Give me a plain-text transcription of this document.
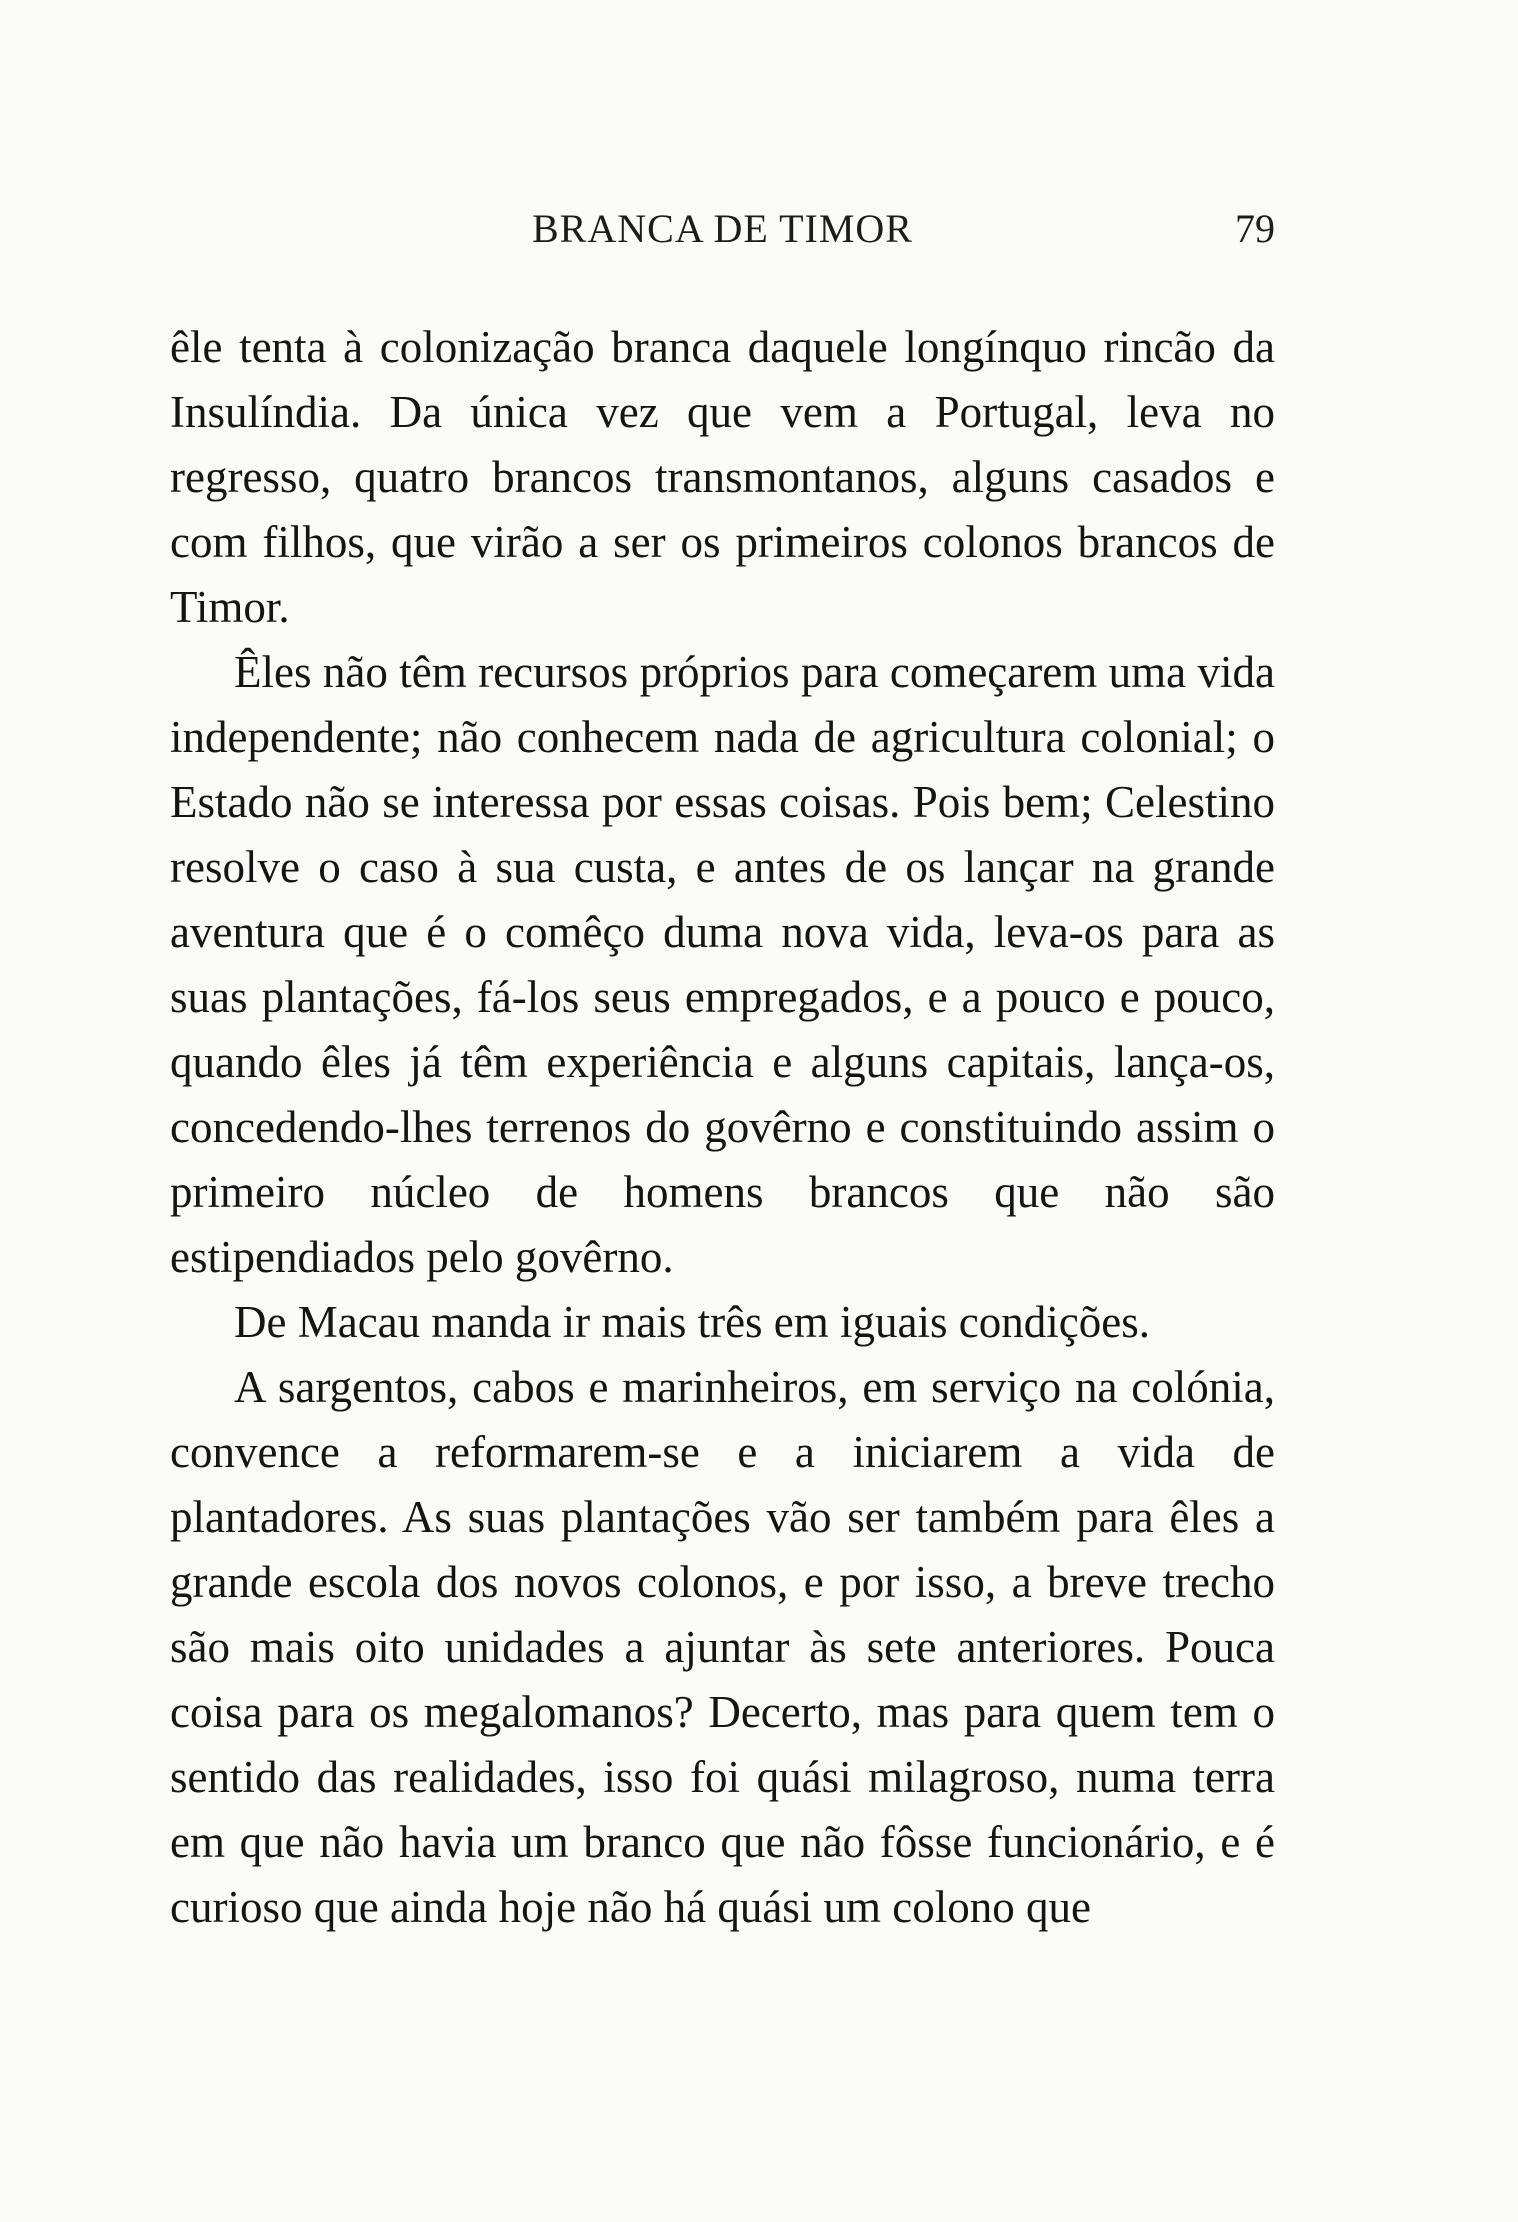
BRANCA DE TIMOR	79

êle tenta à colonização branca daquele longínquo rincão da Insulíndia. Da única vez que vem a Portugal, leva no regresso, quatro brancos transmontanos, alguns casados e com filhos, que virão a ser os primeiros colonos brancos de Timor.

Êles não têm recursos próprios para começarem uma vida independente; não conhecem nada de agricultura colonial; o Estado não se interessa por essas coisas. Pois bem; Celestino resolve o caso à sua custa, e antes de os lançar na grande aventura que é o comêço duma nova vida, leva-os para as suas plantações, fá-los seus empregados, e a pouco e pouco, quando êles já têm experiência e alguns capitais, lança-os, concedendo-lhes terrenos do govêrno e constituindo assim o primeiro núcleo de homens brancos que não são estipendiados pelo govêrno.

De Macau manda ir mais três em iguais condições.

A sargentos, cabos e marinheiros, em serviço na colónia, convence a reformarem-se e a iniciarem a vida de plantadores. As suas plantações vão ser também para êles a grande escola dos novos colonos, e por isso, a breve trecho são mais oito unidades a ajuntar às sete anteriores. Pouca coisa para os megalomanos? Decerto, mas para quem tem o sentido das realidades, isso foi quási milagroso, numa terra em que não havia um branco que não fôsse funcionário, e é curioso que ainda hoje não há quási um colono que
